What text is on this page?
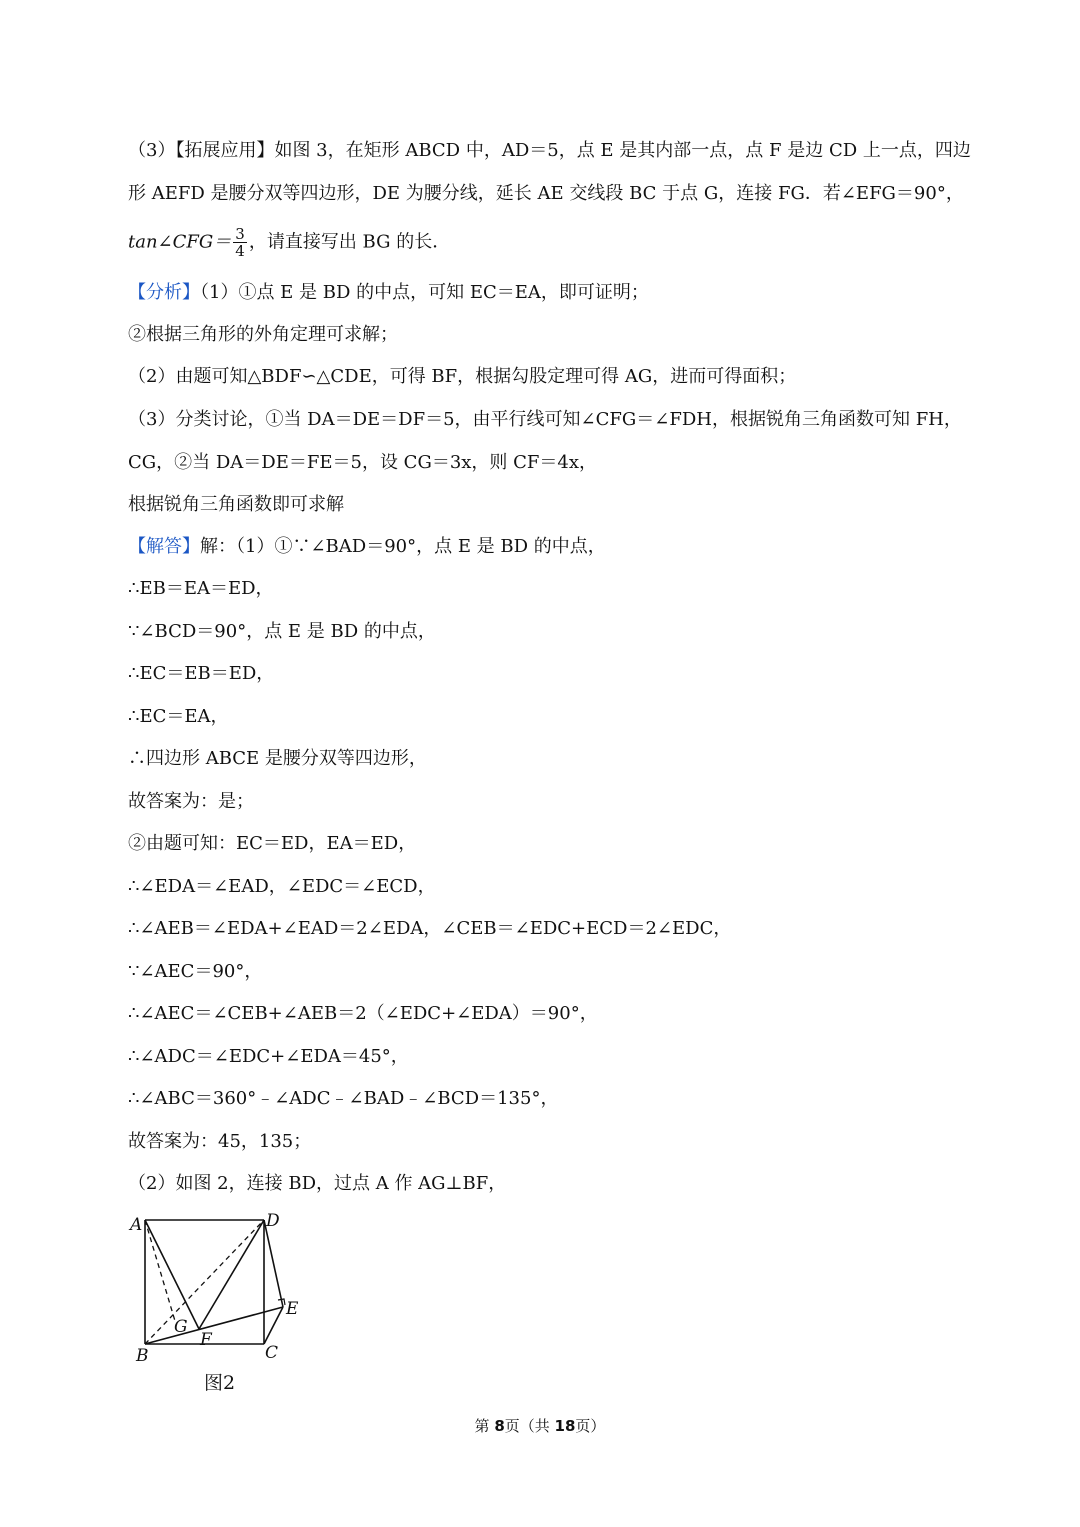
（3）【拓展应用】如图 3，在矩形 ABCD 中，AD＝5，点 E 是其内部一点，点 F 是边 CD 上一点，四边
形 AEFD 是腰分双等四边形，DE 为腰分线，延长 AE 交线段 BC 于点 G，连接 FG．若∠EFG＝90°，
tan∠CFG＝ $\frac{3}{4}$ ，请直接写出 BG 的长．
【分析】（1）①点 E 是 BD 的中点，可知 EC＝EA，即可证明；
②根据三角形的外角定理可求解；
（2）由题可知△BDF∽△CDE，可得 BF，根据勾股定理可得 AG，进而可得面积；
（3）分类讨论，①当 DA＝DE＝DF＝5，由平行线可知∠CFG＝∠FDH，根据锐角三角函数可知 FH，
CG，②当 DA＝DE＝FE＝5，设 CG＝3x，则 CF＝4x，
根据锐角三角函数即可求解
【解答】解：（1）①∵∠BAD＝90°，点 E 是 BD 的中点，
∴EB＝EA＝ED，
∵∠BCD＝90°，点 E 是 BD 的中点，
∴EC＝EB＝ED，
∴EC＝EA，
∴四边形 ABCE 是腰分双等四边形，
故答案为：是；
②由题可知：EC＝ED，EA＝ED，
∴∠EDA＝∠EAD，∠EDC＝∠ECD，
∴∠AEB＝∠EDA+∠EAD＝2∠EDA，∠CEB＝∠EDC+ECD＝2∠EDC，
∵∠AEC＝90°，
∴∠AEC＝∠CEB+∠AEB＝2（∠EDC+∠EDA）＝90°，
∴∠ADC＝∠EDC+∠EDA＝45°，
∴∠ABC＝360°﹣∠ADC﹣∠BAD﹣∠BCD＝135°，
故答案为：45，135；
（2）如图 2，连接 BD，过点 A 作 AG⊥BF，
A	D
E
G
F
B	C
图2
第 8页（共 18页）
